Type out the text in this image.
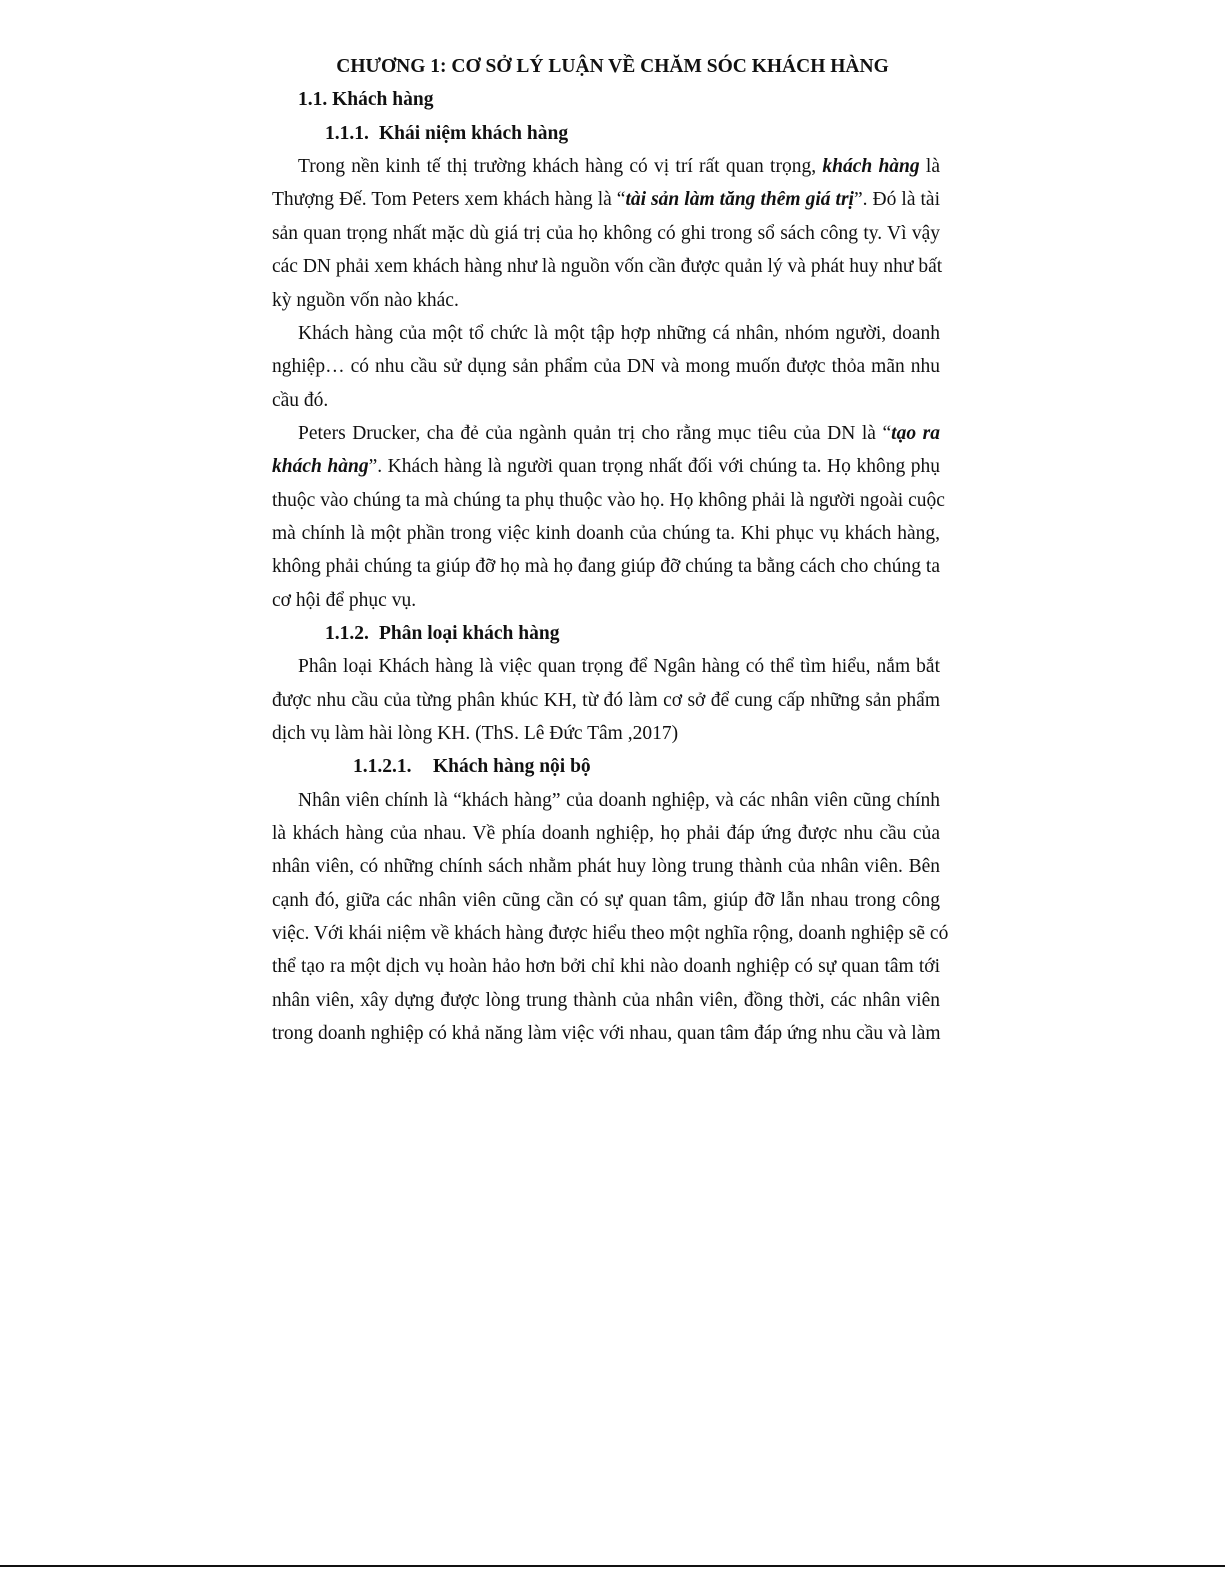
CHƯƠNG 1: CƠ SỞ LÝ LUẬN VỀ CHĂM SÓC KHÁCH HÀNG
1.1. Khách hàng
1.1.1. Khái niệm khách hàng
Trong nền kinh tế thị trường khách hàng có vị trí rất quan trọng, khách hàng là
Thượng Đế. Tom Peters xem khách hàng là “tài sản làm tăng thêm giá trị”. Đó là tài
sản quan trọng nhất mặc dù giá trị của họ không có ghi trong sổ sách công ty. Vì vậy
các DN phải xem khách hàng như là nguồn vốn cần được quản lý và phát huy như bất
kỳ nguồn vốn nào khác.
Khách hàng của một tổ chức là một tập hợp những cá nhân, nhóm người, doanh
nghiệp… có nhu cầu sử dụng sản phẩm của DN và mong muốn được thỏa mãn nhu
cầu đó.
Peters Drucker, cha đẻ của ngành quản trị cho rằng mục tiêu của DN là “tạo ra
khách hàng”. Khách hàng là người quan trọng nhất đối với chúng ta. Họ không phụ
thuộc vào chúng ta mà chúng ta phụ thuộc vào họ. Họ không phải là người ngoài cuộc
mà chính là một phần trong việc kinh doanh của chúng ta. Khi phục vụ khách hàng,
không phải chúng ta giúp đỡ họ mà họ đang giúp đỡ chúng ta bằng cách cho chúng ta
cơ hội để phục vụ.
1.1.2. Phân loại khách hàng
Phân loại Khách hàng là việc quan trọng để Ngân hàng có thể tìm hiểu, nắm bắt
được nhu cầu của từng phân khúc KH, từ đó làm cơ sở để cung cấp những sản phẩm
dịch vụ làm hài lòng KH. (ThS. Lê Đức Tâm ,2017)
1.1.2.1. Khách hàng nội bộ
Nhân viên chính là “khách hàng” của doanh nghiệp, và các nhân viên cũng chính
là khách hàng của nhau. Về phía doanh nghiệp, họ phải đáp ứng được nhu cầu của
nhân viên, có những chính sách nhằm phát huy lòng trung thành của nhân viên. Bên
cạnh đó, giữa các nhân viên cũng cần có sự quan tâm, giúp đỡ lẫn nhau trong công
việc. Với khái niệm về khách hàng được hiểu theo một nghĩa rộng, doanh nghiệp sẽ có
thể tạo ra một dịch vụ hoàn hảo hơn bởi chỉ khi nào doanh nghiệp có sự quan tâm tới
nhân viên, xây dựng được lòng trung thành của nhân viên, đồng thời, các nhân viên
trong doanh nghiệp có khả năng làm việc với nhau, quan tâm đáp ứng nhu cầu và làm
